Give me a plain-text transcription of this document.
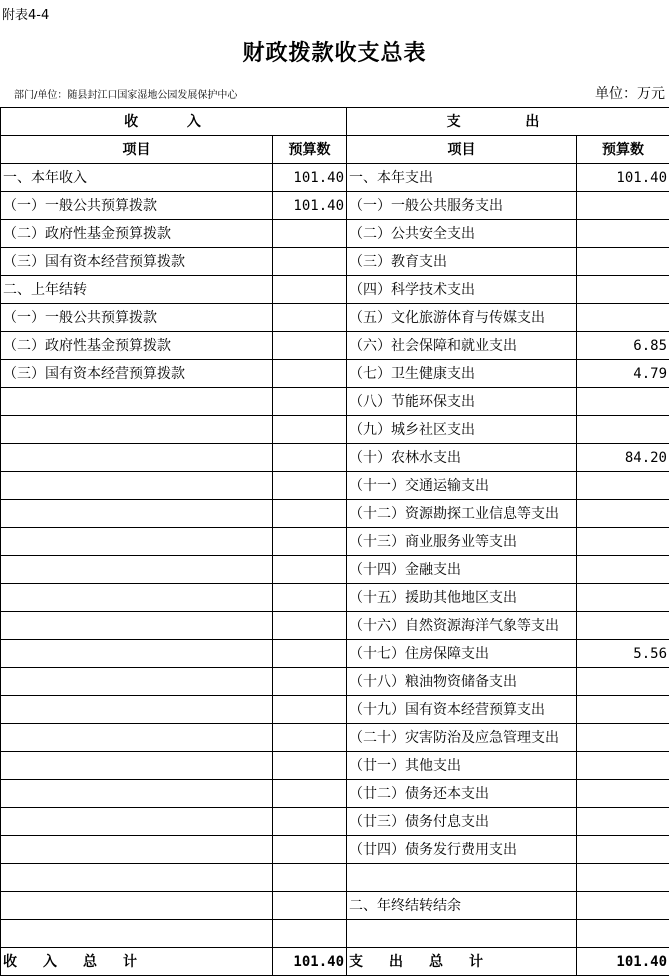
附表4-4
财政拨款收支总表
部门/单位：随县封江口国家湿地公园发展保护中心	单位：万元
收 入		支 出	
项目	预算数	项目	预算数
一、本年收入	101.40	一、本年支出	101.40
（一）一般公共预算拨款	101.40	（一）一般公共服务支出	
（二）政府性基金预算拨款		（二）公共安全支出	
（三）国有资本经营预算拨款		（三）教育支出	
二、上年结转		（四）科学技术支出	
（一）一般公共预算拨款		（五）文化旅游体育与传媒支出	
（二）政府性基金预算拨款		（六）社会保障和就业支出	6.85
（三）国有资本经营预算拨款		（七）卫生健康支出	4.79
		（八）节能环保支出	
		（九）城乡社区支出	
		（十）农林水支出	84.20
		（十一）交通运输支出	
		（十二）资源勘探工业信息等支出	
		（十三）商业服务业等支出	
		（十四）金融支出	
		（十五）援助其他地区支出	
		（十六）自然资源海洋气象等支出	
		（十七）住房保障支出	5.56
		（十八）粮油物资储备支出	
		（十九）国有资本经营预算支出	
		（二十）灾害防治及应急管理支出	
		（廿一）其他支出	
		（廿二）债务还本支出	
		（廿三）债务付息支出	
		（廿四）债务发行费用支出	

		二、年终结转结余	

收入总计	101.40	支出总计	101.40
